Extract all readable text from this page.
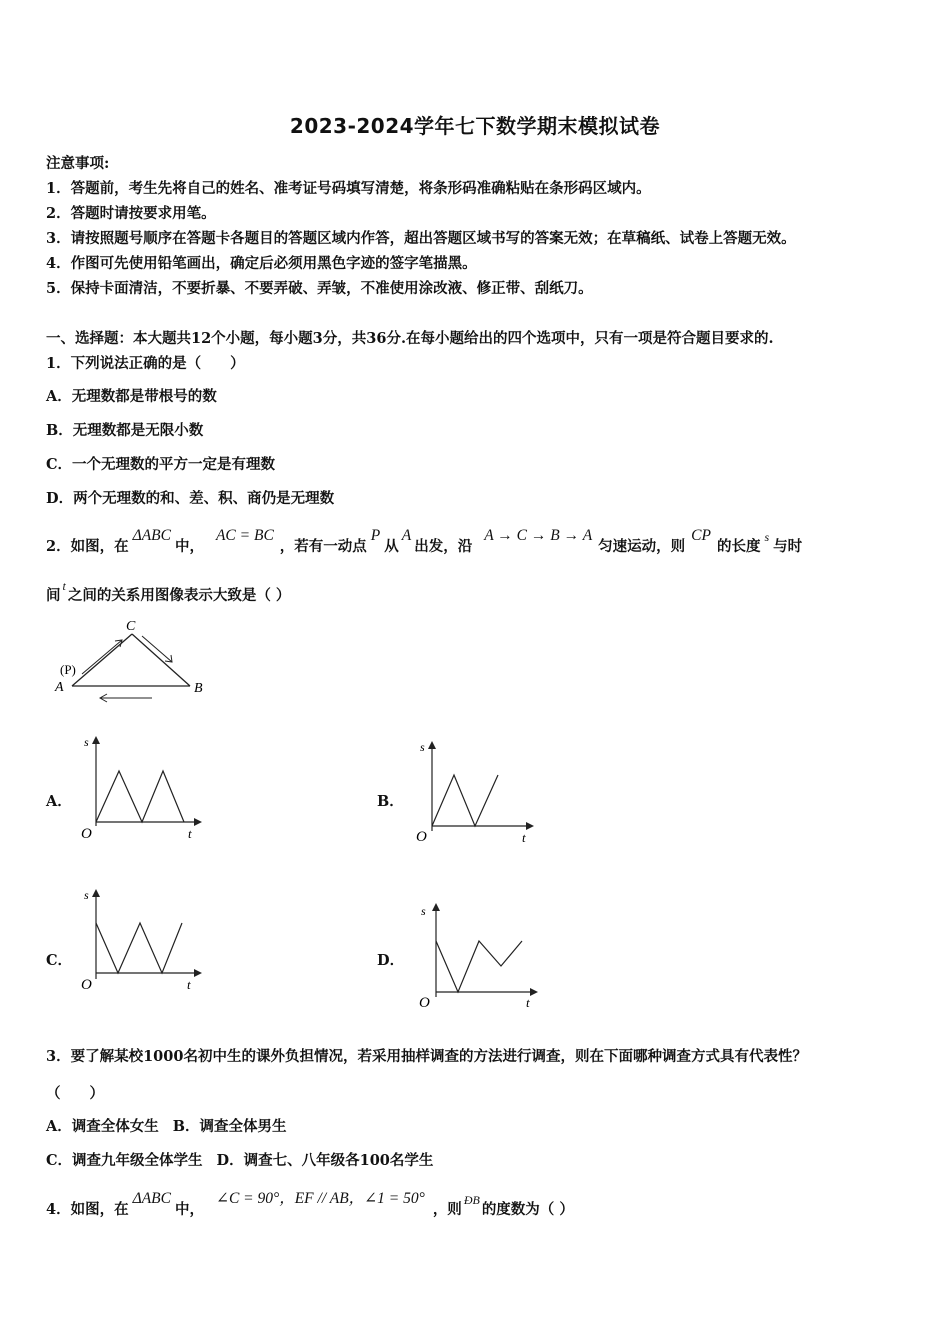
2023-2024学年七下数学期末模拟试卷
注意事项:
1．答题前，考生先将自己的姓名、准考证号码填写清楚，将条形码准确粘贴在条形码区域内。
2．答题时请按要求用笔。
3．请按照题号顺序在答题卡各题目的答题区域内作答，超出答题区域书写的答案无效；在草稿纸、试卷上答题无效。
4．作图可先使用铅笔画出，确定后必须用黑色字迹的签字笔描黑。
5．保持卡面清洁，不要折暴、不要弄破、弄皱，不准使用涂改液、修正带、刮纸刀。
一、选择题：本大题共12个小题，每小题3分，共36分.在每小题给出的四个选项中，只有一项是符合题目要求的.
1．下列说法正确的是（　　）
A．无理数都是带根号的数
B．无理数都是无限小数
C．一个无理数的平方一定是有理数
D．两个无理数的和、差、积、商仍是无理数
2．如图，在ΔABC中，AC = BC，若有一动点P从A出发，沿A → C → B → A匀速运动，则CP的长度$^s$与时
间$^t$之间的关系用图像表示大致是（ ）
A	B
C
(P)
A．
s
O	t
B．
s
O	t
C．
s
O	t
D．
s
O	t
3．要了解某校1000名初中生的课外负担情况，若采用抽样调查的方法进行调查，则在下面哪种调查方式具有代表性？
（　　）
A．调查全体女生 B．调查全体男生
C．调查九年级全体学生 D．调查七、八年级各100名学生
4．如图，在ΔABC中，∠C = 90°，EF // AB，∠1 = 50°，则$^{ÐB}$的度数为（ ）
